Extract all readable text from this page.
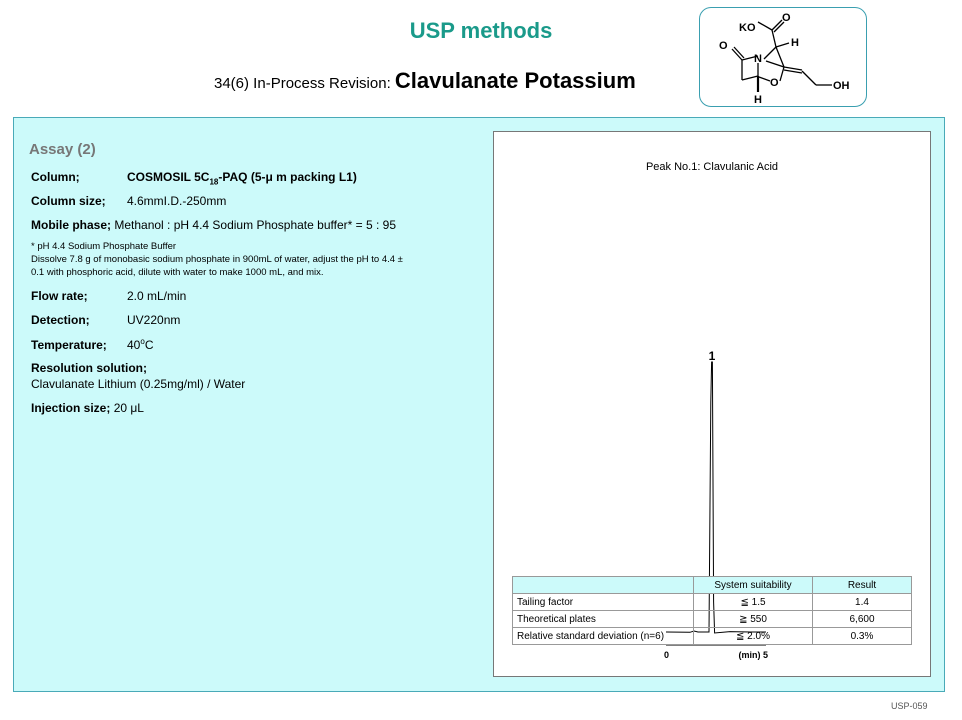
USP methods
34(6) In-Process Revision: Clavulanate Potassium
KO
O
H
O
N
O	OH
H
Assay (2)
Column;	COSMOSIL $5C_{18}$-PAQ (5-μ m packing L1)
Column size; 4.6mmI.D.-250mm
Mobile phase; Methanol : pH 4.4 Sodium Phosphate buffer* = 5 : 95
* pH 4.4 Sodium Phosphate Buffer
Dissolve 7.8 g of monobasic sodium phosphate in 900mL of water, adjust the pH to 4.4 ±
0.1 with phosphoric acid, dilute with water to make 1000 mL, and mix.
Flow rate;	2.0 mL/min
Detection;	UV220nm
Temperature; 40$^o$C
Resolution solution;
Clavulanate Lithium (0.25mg/ml) / Water
Injection size; 20 μL
Peak No.1: Clavulanic Acid
1
0	(min) 5
	System suitability	Result
Tailing factor	≦ 1.5	1.4
Theoretical plates	≧ 550	6,600
Relative standard deviation (n=6)	≦ 2.0%	0.3%
USP-059
